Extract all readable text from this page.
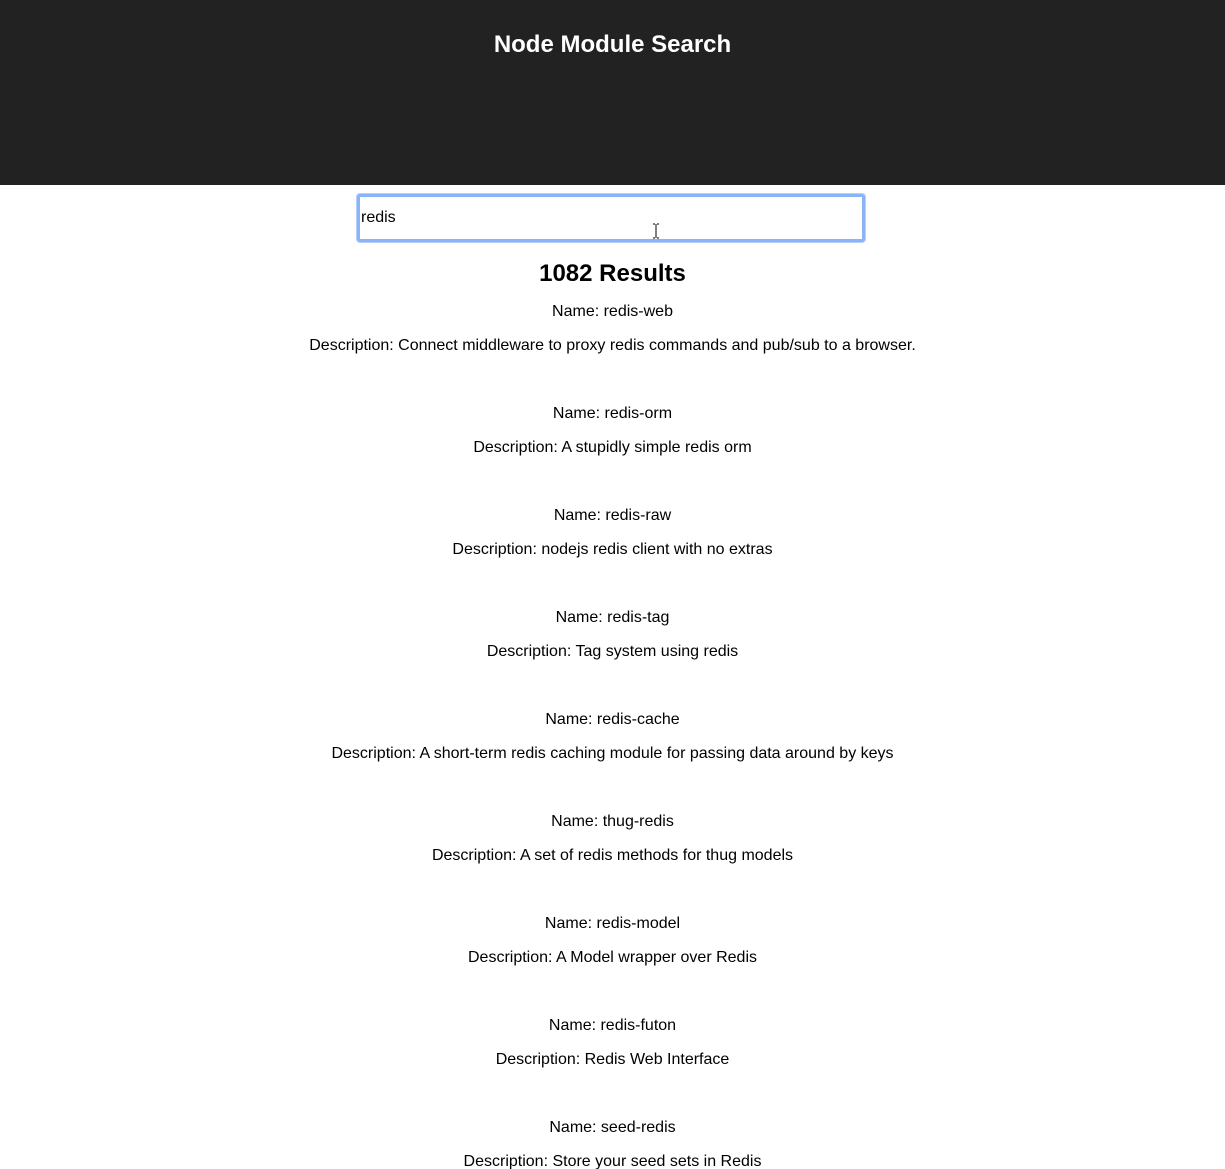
Node Module Search
redis
1082 Results

Name: redis-web

Description: Connect middleware to proxy redis commands and pub/sub to a browser.

Name: redis-orm

Description: A stupidly simple redis orm

Name: redis-raw

Description: nodejs redis client with no extras

Name: redis-tag

Description: Tag system using redis

Name: redis-cache

Description: A short-term redis caching module for passing data around by keys

Name: thug-redis

Description: A set of redis methods for thug models

Name: redis-model

Description: A Model wrapper over Redis

Name: redis-futon

Description: Redis Web Interface

Name: seed-redis

Description: Store your seed sets in Redis
